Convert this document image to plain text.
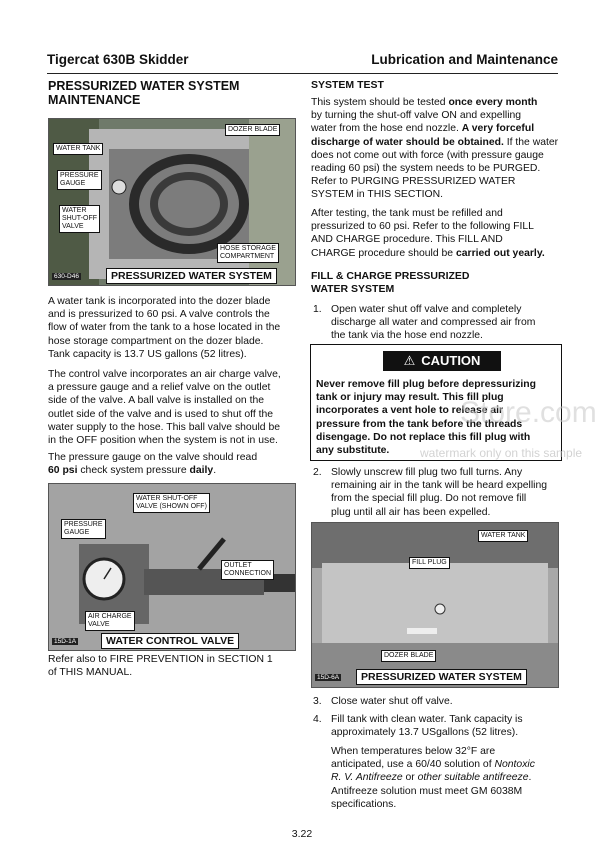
Tigercat 630B Skidder	Lubrication and Maintenance
PRESSURIZED WATER SYSTEM
MAINTENANCE
DOZER BLADE
WATER TANK
PRESSURE
GAUGE
WATER
SHUT-OFF
VALVE
HOSE STORAGE
COMPARTMENT
630-D46	PRESSURIZED WATER SYSTEM

A water tank is incorporated into the dozer blade

and is pressurized to 60 psi. A valve controls the

flow of water from the tank to a hose located in the

hose storage compartment on the dozer blade.

Tank capacity is 13.7 US gallons (52 litres).

The control valve incorporates an air charge valve,

a pressure gauge and a relief valve on the outlet

side of the valve. A ball valve is installed on the

outlet side of the valve and is used to shut off the

water supply to the hose. This ball valve should be

in the OFF position when the system is not in use.

The pressure gauge on the valve should read

60 psi check system pressure daily.

WATER SHUT-OFF
VALVE (SHOWN OFF)
PRESSURE
GAUGE
OUTLET
CONNECTION
AIR CHARGE
VALVE
15D-1A	WATER CONTROL VALVE

Refer also to FIRE PREVENTION in SECTION 1

of THIS MANUAL.

SYSTEM TEST

This system should be tested once every month

by turning the shut-off valve ON and expelling

water from the hose end nozzle. A very forceful

discharge of water should be obtained. If the water

does not come out with force (with pressure gauge

reading 60 psi) the system needs to be PURGED.

Refer to PURGING PRESSURIZED WATER

SYSTEM in THIS SECTION.

After testing, the tank must be refilled and

pressurized to 60 psi. Refer to the following FILL

AND CHARGE procedure. This FILL AND

CHARGE procedure should be carried out yearly.

FILL & CHARGE PRESSURIZED
WATER SYSTEM
1. Open water shut off valve and completely
discharge all water and compressed air from
the tank via the hose end nozzle.
⚠ CAUTION

Never remove fill plug before depressurizing

tank or injury may result. This fill plug

incorporates a vent hole to release air

pressure from the tank before the threads

disengage. Do not replace this fill plug with

any substitute.

Store.com
watermark only on this sample
2. Slowly unscrew fill plug two full turns. Any
remaining air in the tank will be heard expelling
from the special fill plug. Do not remove fill
plug until all air has been expelled.
WATER TANK
FILL PLUG
DOZER BLADE
15D-6A	PRESSURIZED WATER SYSTEM
3. Close water shut off valve.
4. Fill tank with clean water. Tank capacity is
approximately 13.7 USgallons (52 litres).

When temperatures below 32°F are

anticipated, use a 60/40 solution of Nontoxic

R. V. Antifreeze or other suitable antifreeze.

Antifreeze solution must meet GM 6038M

specifications.

3.22
